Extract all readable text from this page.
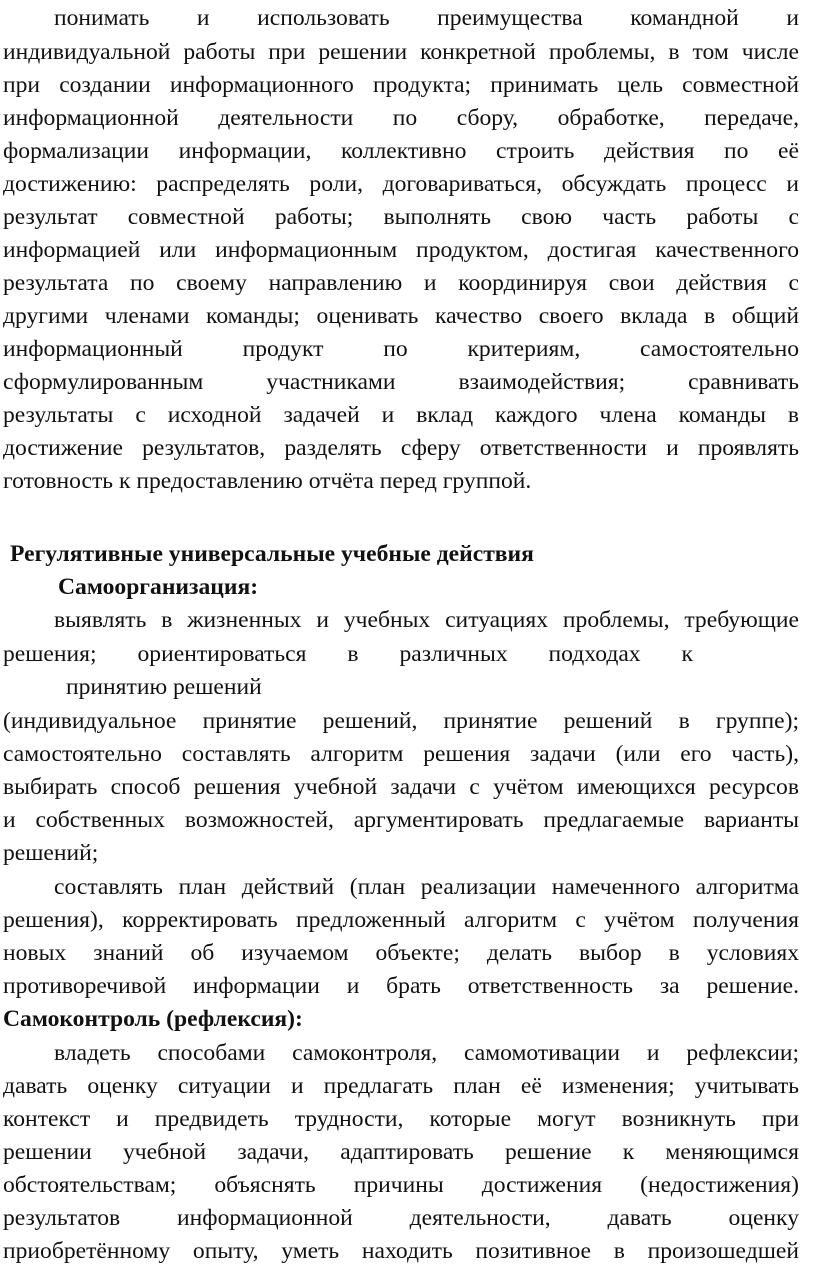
понимать и использовать преимущества командной и
индивидуальной работы при решении конкретной проблемы, в том числе
при создании информационного продукта; принимать цель совместной
информационной деятельности по сбору, обработке, передаче,
формализации информации, коллективно строить действия по её
достижению: распределять роли, договариваться, обсуждать процесс и
результат совместной работы; выполнять свою часть работы с
информацией или информационным продуктом, достигая качественного
результата по своему направлению и координируя свои действия с
другими членами команды; оценивать качество своего вклада в общий
информационный продукт по критериям, самостоятельно
сформулированным участниками взаимодействия; сравнивать
результаты с исходной задачей и вклад каждого члена команды в
достижение результатов, разделять сферу ответственности и проявлять
готовность к предоставлению отчёта перед группой.
Регулятивные универсальные учебные действия
Самоорганизация:
выявлять в жизненных и учебных ситуациях проблемы, требующие
решения; ориентироваться в различных подходах к
принятию решений
(индивидуальное принятие решений, принятие решений в группе);
самостоятельно составлять алгоритм решения задачи (или его часть),
выбирать способ решения учебной задачи с учётом имеющихся ресурсов
и собственных возможностей, аргументировать предлагаемые варианты
решений;
составлять план действий (план реализации намеченного алгоритма
решения), корректировать предложенный алгоритм с учётом получения
новых знаний об изучаемом объекте; делать выбор в условиях
противоречивой информации и брать ответственность за решение.
Самоконтроль (рефлексия):
владеть способами самоконтроля, самомотивации и рефлексии;
давать оценку ситуации и предлагать план её изменения; учитывать
контекст и предвидеть трудности, которые могут возникнуть при
решении учебной задачи, адаптировать решение к меняющимся
обстоятельствам; объяснять причины достижения (недостижения)
результатов информационной деятельности, давать оценку
приобретённому опыту, уметь находить позитивное в произошедшей
